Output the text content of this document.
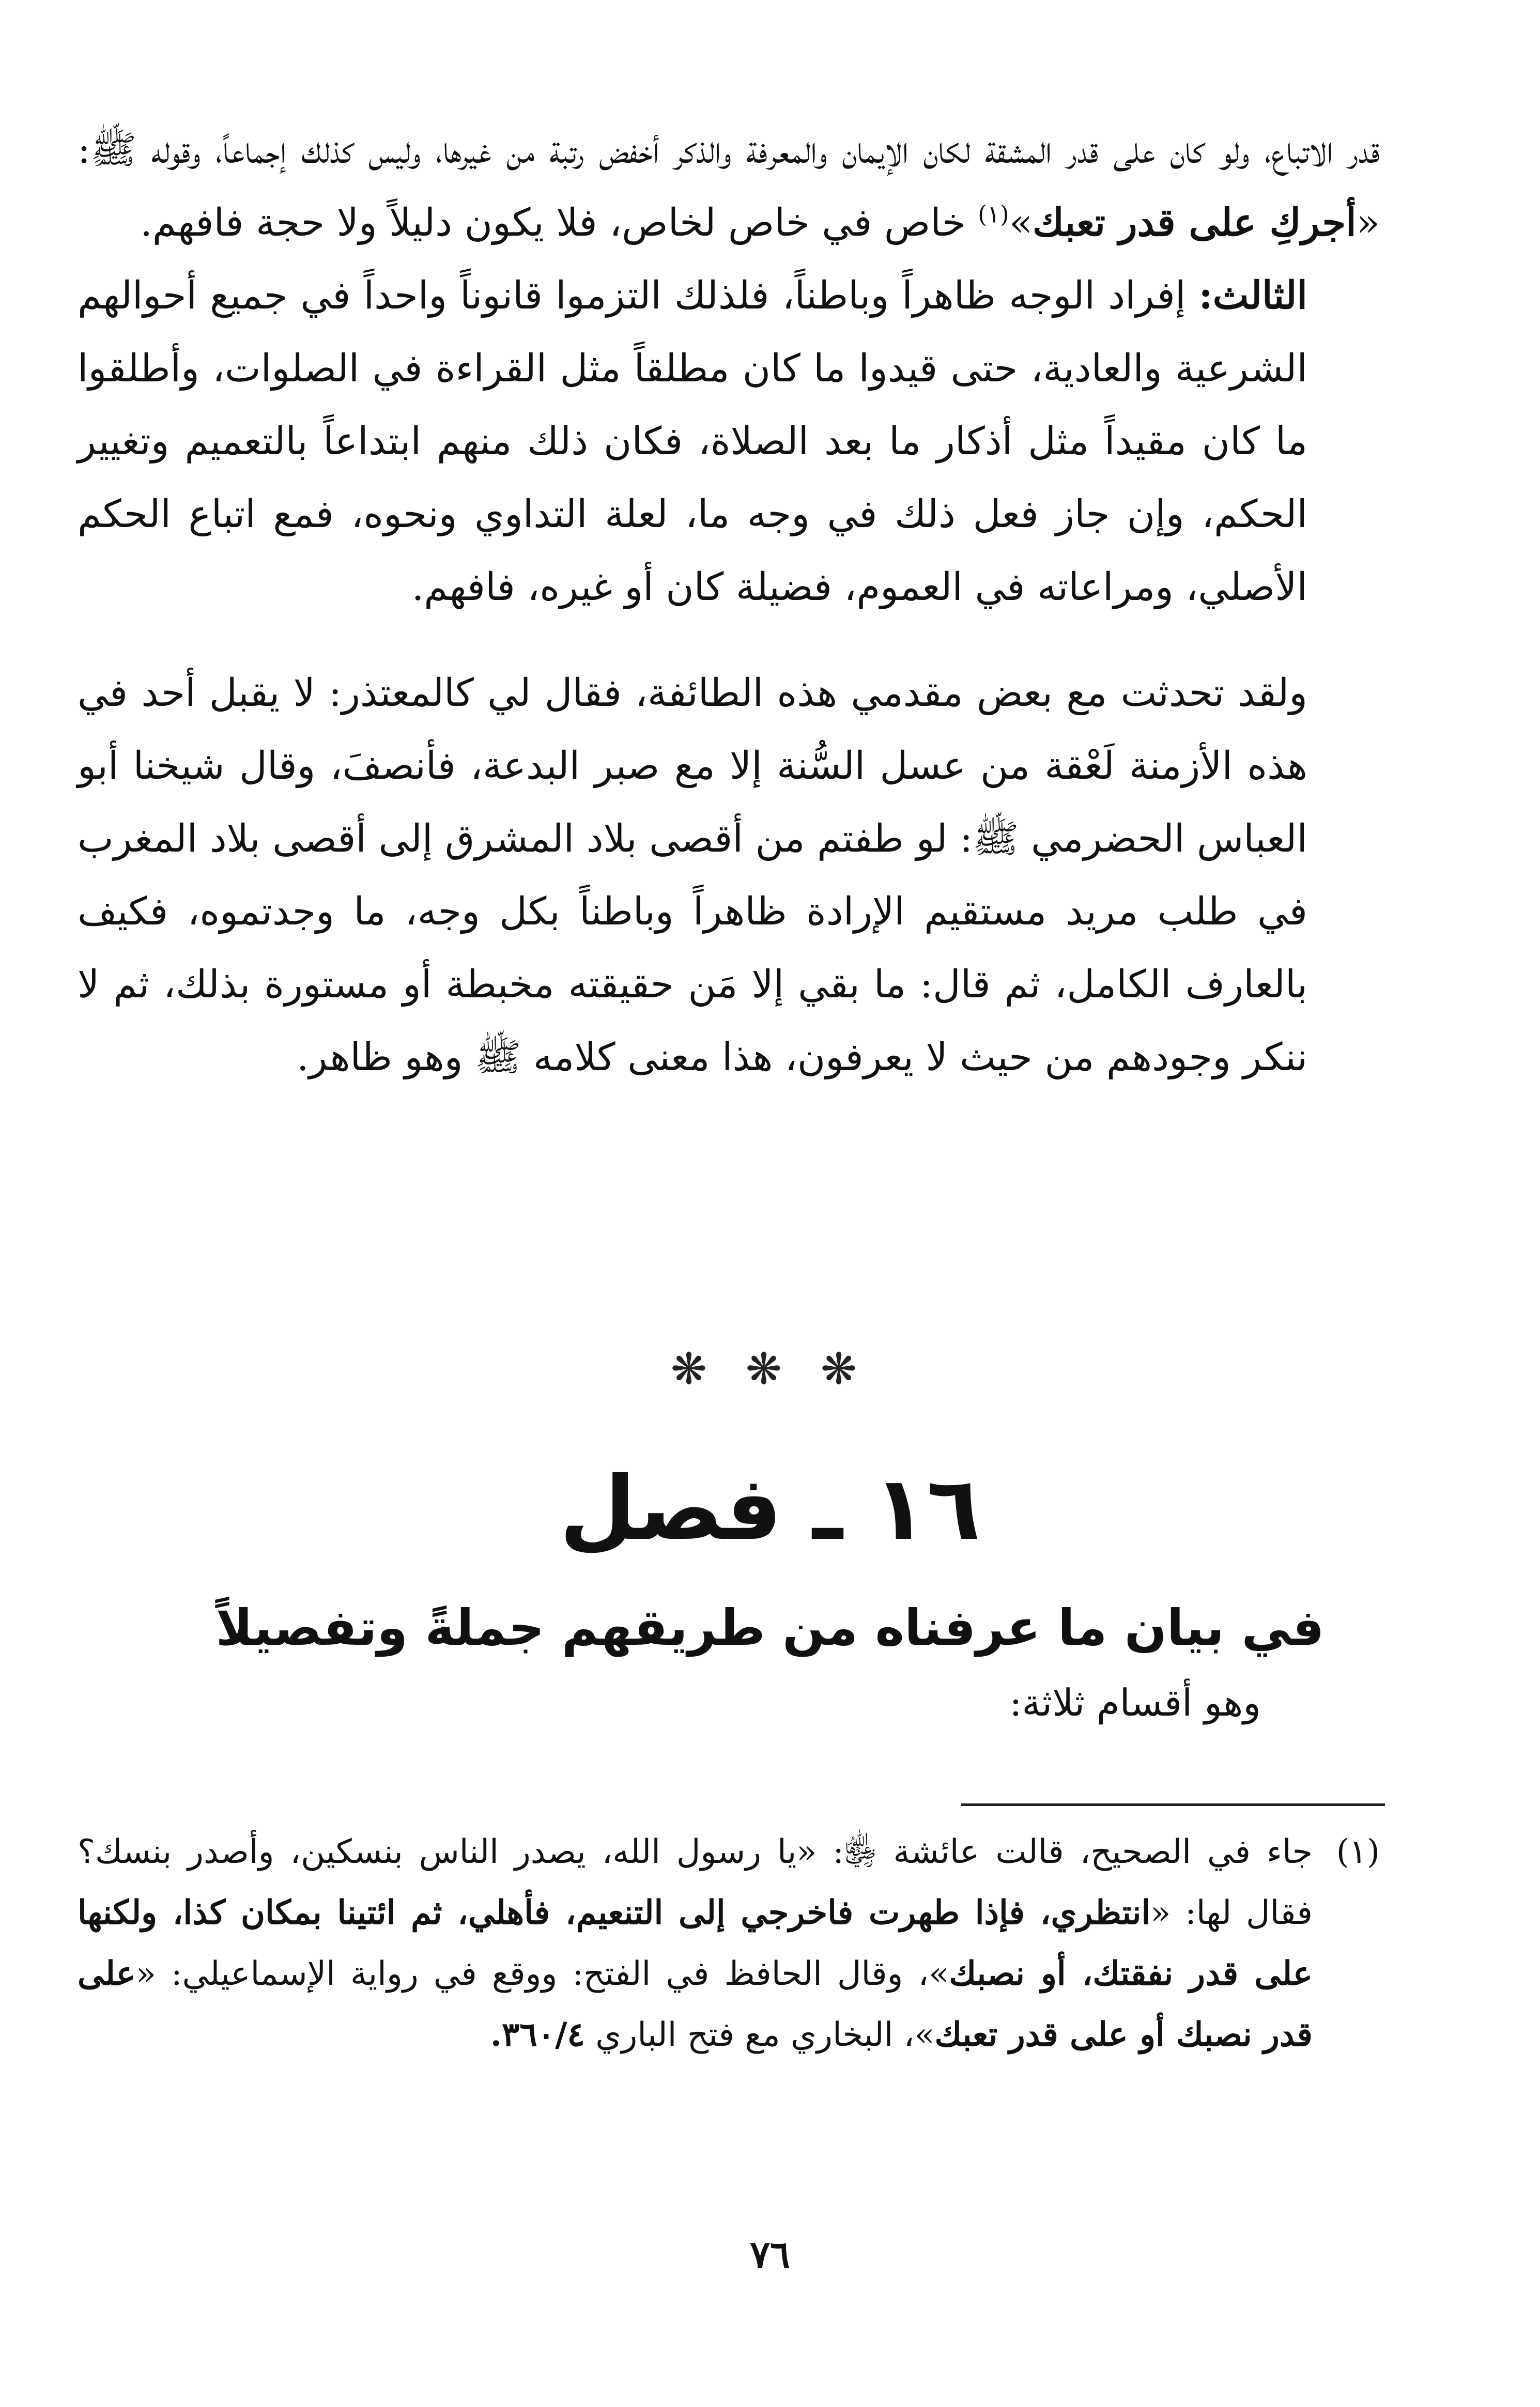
قدر الاتباع، ولو كان على قدر المشقة لكان الإيمان والمعرفة والذكر أخفض رتبة من غيرها، وليس كذلك إجماعاً، وقوله ﷺ: «أجركِ على قدر تعبك»$^{(١)}$ خاص في خاص لخاص، فلا يكون دليلاً ولا حجة فافهم.

الثالث: إفراد الوجه ظاهراً وباطناً، فلذلك التزموا قانوناً واحداً في جميع أحوالهم الشرعية والعادية، حتى قيدوا ما كان مطلقاً مثل القراءة في الصلوات، وأطلقوا ما كان مقيداً مثل أذكار ما بعد الصلاة، فكان ذلك منهم ابتداعاً بالتعميم وتغيير الحكم، وإن جاز فعل ذلك في وجه ما، لعلة التداوي ونحوه، فمع اتباع الحكم الأصلي، ومراعاته في العموم، فضيلة كان أو غيره، فافهم.

ولقد تحدثت مع بعض مقدمي هذه الطائفة، فقال لي كالمعتذر: لا يقبل أحد في هذه الأزمنة لَعْقة من عسل السُّنة إلا مع صبر البدعة، فأنصفَ، وقال شيخنا أبو العباس الحضرمي ﷺ: لو طفتم من أقصى بلاد المشرق إلى أقصى بلاد المغرب في طلب مريد مستقيم الإرادة ظاهراً وباطناً بكل وجه، ما وجدتموه، فكيف بالعارف الكامل، ثم قال: ما بقي إلا مَن حقيقته مخبطة أو مستورة بذلك، ثم لا ننكر وجودهم من حيث لا يعرفون، هذا معنى كلامه ﷺ وهو ظاهر.

❋ ❋ ❋
١٦ ـ فصل
في بيان ما عرفناه من طريقهم جملةً وتفصيلاً
وهو أقسام ثلاثة:
(١)
جاء في الصحيح، قالت عائشة ﵂: «يا رسول الله، يصدر الناس بنسكين، وأصدر بنسك؟ فقال لها: «انتظري، فإذا طهرت فاخرجي إلى التنعيم، فأهلي، ثم ائتينا بمكان كذا، ولكنها على قدر نفقتك، أو نصبك»، وقال الحافظ في الفتح: ووقع في رواية الإسماعيلي: «على قدر نصبك أو على قدر تعبك»، البخاري مع فتح الباري ٣٦٠/٤.
٧٦
